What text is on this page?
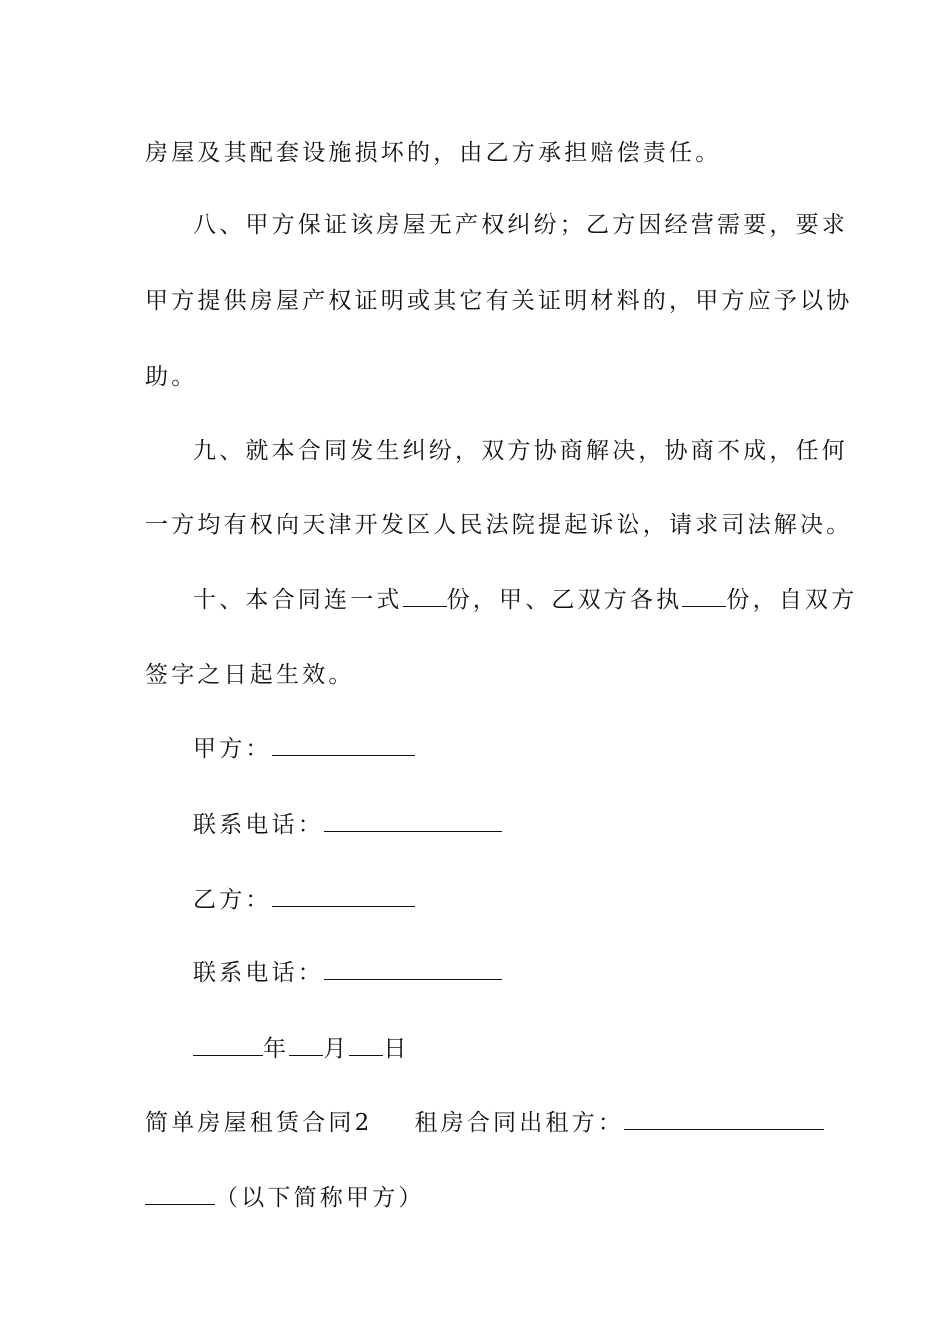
房屋及其配套设施损坏的，由乙方承担赔偿责任。
八、甲方保证该房屋无产权纠纷；乙方因经营需要，要求
甲方提供房屋产权证明或其它有关证明材料的，甲方应予以协
助。
九、就本合同发生纠纷，双方协商解决，协商不成，任何
一方均有权向天津开发区人民法院提起诉讼，请求司法解决。
十、本合同连一式 份，甲、乙双方各执 份，自双方
签字之日起生效。
甲方：
联系电话：
乙方：
联系电话：
年 月 日
简单房屋租赁合同2 租房合同出租方：
（以下简称甲方）
